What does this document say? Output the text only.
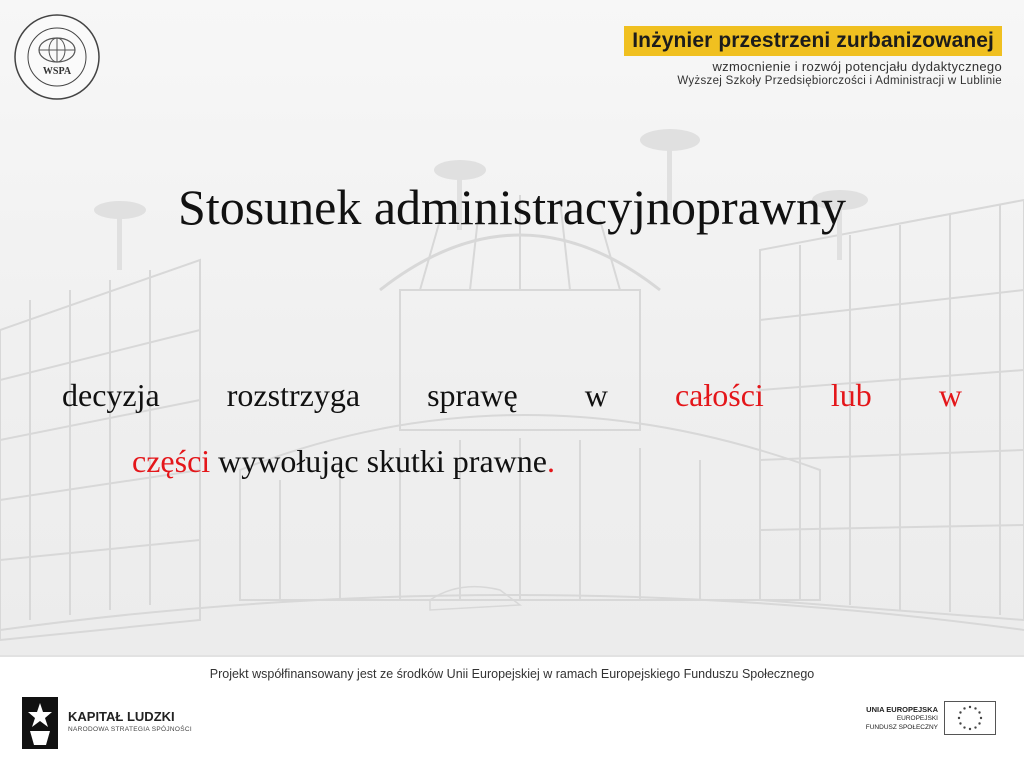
WSPA
Inżynier przestrzeni zurbanizowanej
wzmocnienie i rozwój potencjału dydaktycznego
Wyższej Szkoły Przedsiębiorczości i Administracji w Lublinie
Stosunek administracyjnoprawny
decyzja rozstrzyga sprawę w całości lub w
części wywołując skutki prawne.
Projekt współfinansowany jest ze środków Unii Europejskiej w ramach Europejskiego Funduszu Społecznego
KAPITAŁ LUDZKI
NARODOWA STRATEGIA SPÓJNOŚCI
UNIA EUROPEJSKA
EUROPEJSKI
FUNDUSZ SPOŁECZNY
